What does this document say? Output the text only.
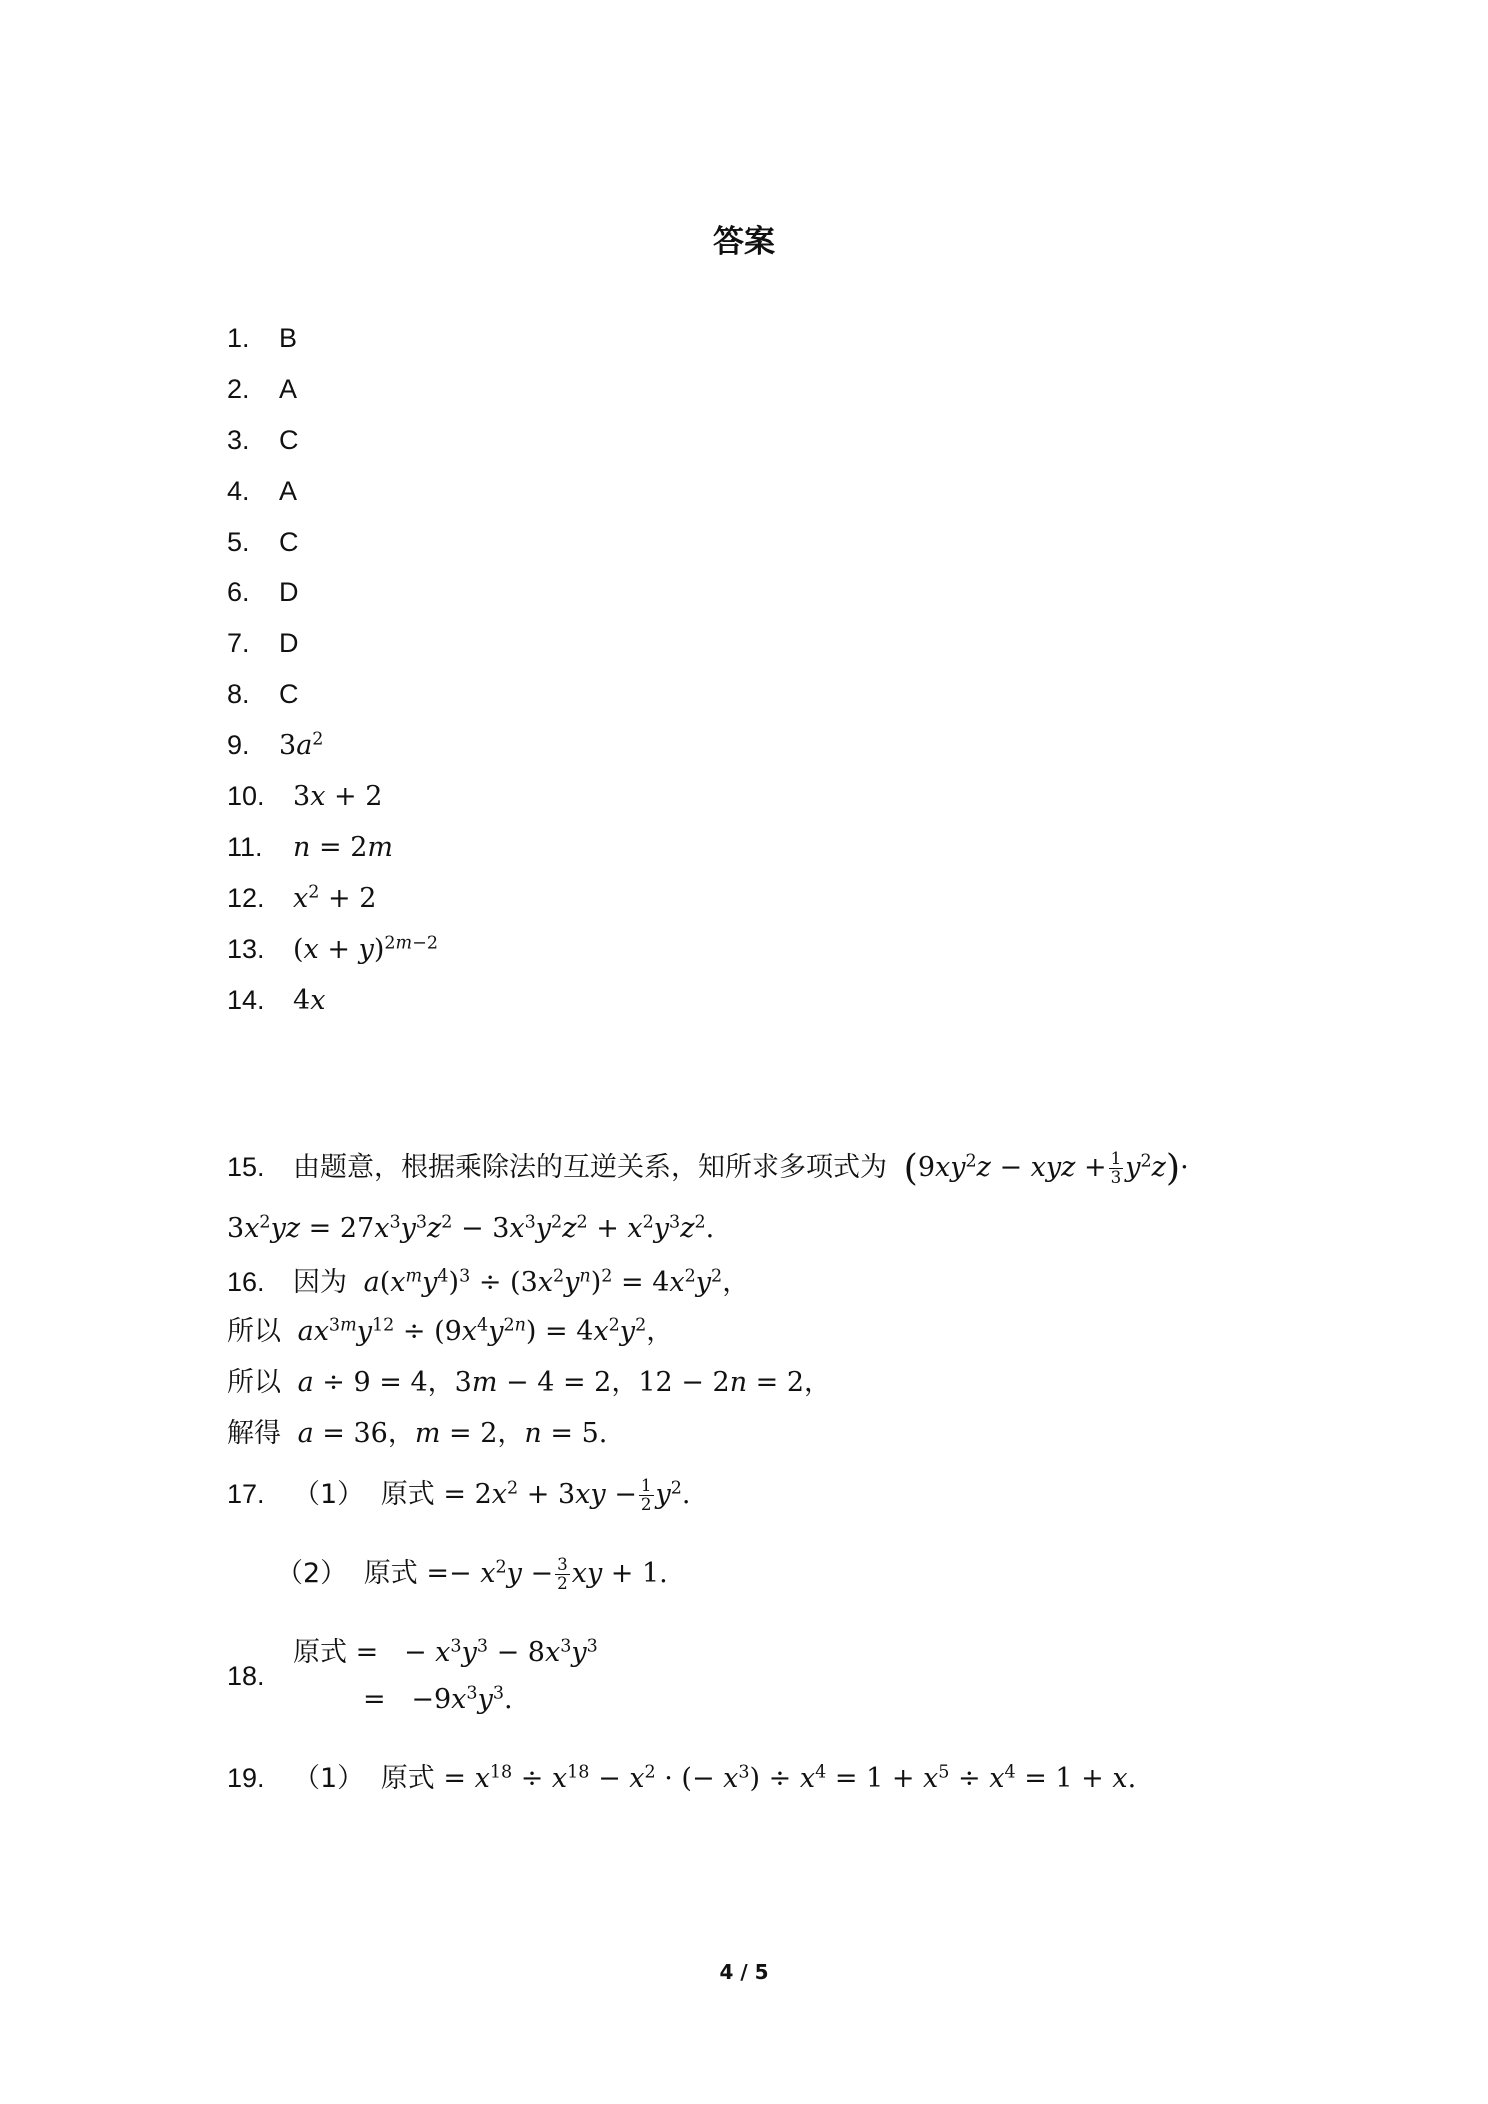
答案
1. B
2. A
3. C
4. A
5. C
6. D
7. D
8. C
9. $3a^2$
10. 3x + 2
11. n = 2m
12. $x^2 + 2$
13. $(x + y)^{2m-2}$
14. 4x
15. 由题意，根据乘除法的互逆关系，知所求多项式为 ($9xy^2z$ − xyz + $\frac{1}{3} y^2z)\cdot$
$3x^2yz = 27x^3y^3z^2 - 3x^3y^2z^2 + x^2y^3z^2$.
16. 因为 $a(x^my^4)^3 \div (3x^2y^n)^2 = 4x^2y^2$，
所以 $ax^{3m}y^{12} \div (9x^4y^{2n}) = 4x^2y^2$，
所以 a ÷ 9 = 4，3m − 4 = 2，12 − 2n = 2，
解得 a = 36，m = 2，n = 5.
17. （1） 原式 = $2x^2 + 3xy - \frac{1}{2} y^2$.
（2） 原式 =− $x^2y - \frac{3}{2}$ xy + 1.
18.
原式 =   − $x^3y^3 - 8x^3y^3$
=   $-9x^3y^3$.
19. （1） 原式 = $x^{18} \div x^{18} - x^2$ · (− $x^3) \div x^4 = 1 + x^5 \div x^4 = 1 + x$.
4 / 5
